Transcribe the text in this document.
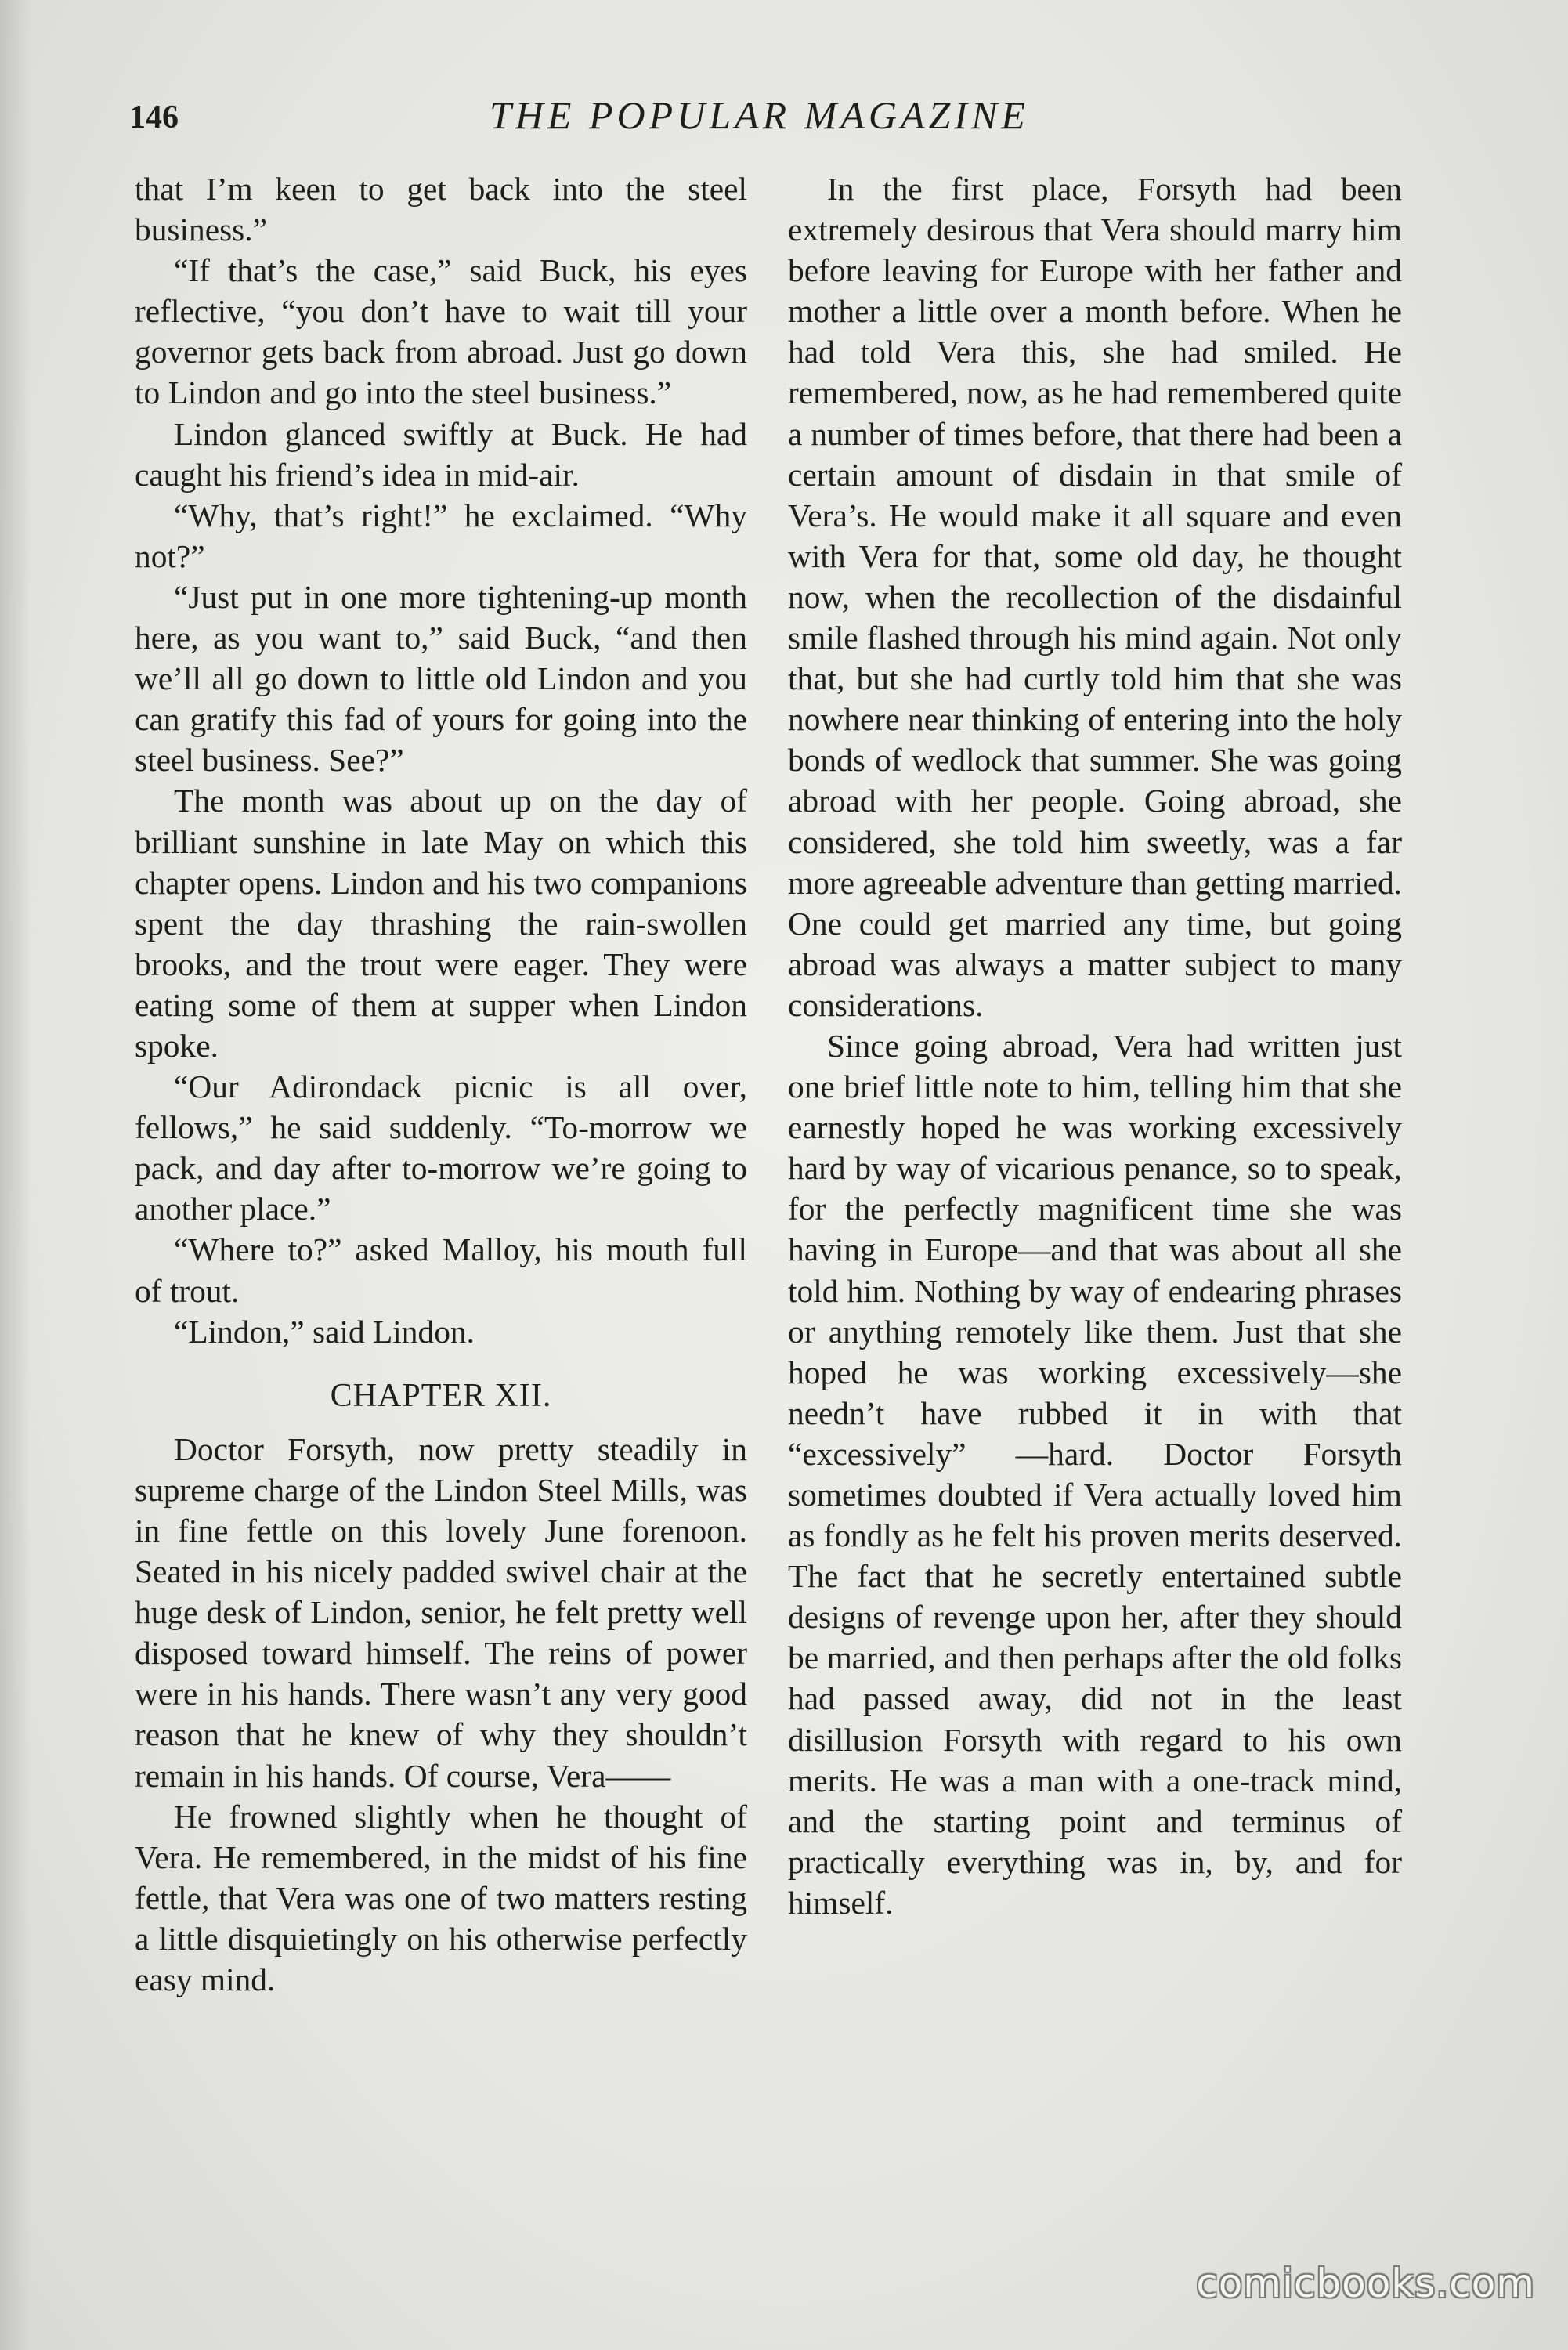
146	THE POPULAR MAGAZINE

that I’m keen to get back into the steel business.”

“If that’s the case,” said Buck, his eyes reflective, “you don’t have to wait till your governor gets back from abroad. Just go down to Lindon and go into the steel business.”

Lindon glanced swiftly at Buck. He had caught his friend’s idea in mid-air.

“Why, that’s right!” he exclaimed. “Why not?”

“Just put in one more tightening-up month here, as you want to,” said Buck, “and then we’ll all go down to little old Lindon and you can gratify this fad of yours for going into the steel business. See?”

The month was about up on the day of brilliant sunshine in late May on which this chapter opens. Lindon and his two companions spent the day thrashing the rain-swollen brooks, and the trout were eager. They were eating some of them at supper when Lindon spoke.

“Our Adirondack picnic is all over, fellows,” he said suddenly. “To-morrow we pack, and day after to-morrow we’re going to another place.”

“Where to?” asked Malloy, his mouth full of trout.

“Lindon,” said Lindon.

CHAPTER XII.

Doctor Forsyth, now pretty steadily in supreme charge of the Lindon Steel Mills, was in fine fettle on this lovely June forenoon. Seated in his nicely padded swivel chair at the huge desk of Lindon, senior, he felt pretty well disposed toward himself. The reins of power were in his hands. There wasn’t any very good reason that he knew of why they shouldn’t remain in his hands. Of course, Vera——

He frowned slightly when he thought of Vera. He remembered, in the midst of his fine fettle, that Vera was one of two matters resting a little disquietingly on his otherwise perfectly easy mind.

In the first place, Forsyth had been extremely desirous that Vera should marry him before leaving for Europe with her father and mother a little over a month before. When he had told Vera this, she had smiled. He remembered, now, as he had remembered quite a number of times before, that there had been a certain amount of disdain in that smile of Vera’s. He would make it all square and even with Vera for that, some old day, he thought now, when the recollection of the disdainful smile flashed through his mind again. Not only that, but she had curtly told him that she was nowhere near thinking of entering into the holy bonds of wedlock that summer. She was going abroad with her people. Going abroad, she considered, she told him sweetly, was a far more agreeable adventure than getting married. One could get married any time, but going abroad was always a matter subject to many considerations.

Since going abroad, Vera had written just one brief little note to him, telling him that she earnestly hoped he was working excessively hard by way of vicarious penance, so to speak, for the perfectly magnificent time she was having in Europe—and that was about all she told him. Nothing by way of endearing phrases or anything remotely like them. Just that she hoped he was working excessively—she needn’t have rubbed it in with that “excessively” —hard. Doctor Forsyth sometimes doubted if Vera actually loved him as fondly as he felt his proven merits deserved. The fact that he secretly entertained subtle designs of revenge upon her, after they should be married, and then perhaps after the old folks had passed away, did not in the least disillusion Forsyth with regard to his own merits. He was a man with a one-track mind, and the starting point and terminus of practically everything was in, by, and for himself.

comicbooks.com
